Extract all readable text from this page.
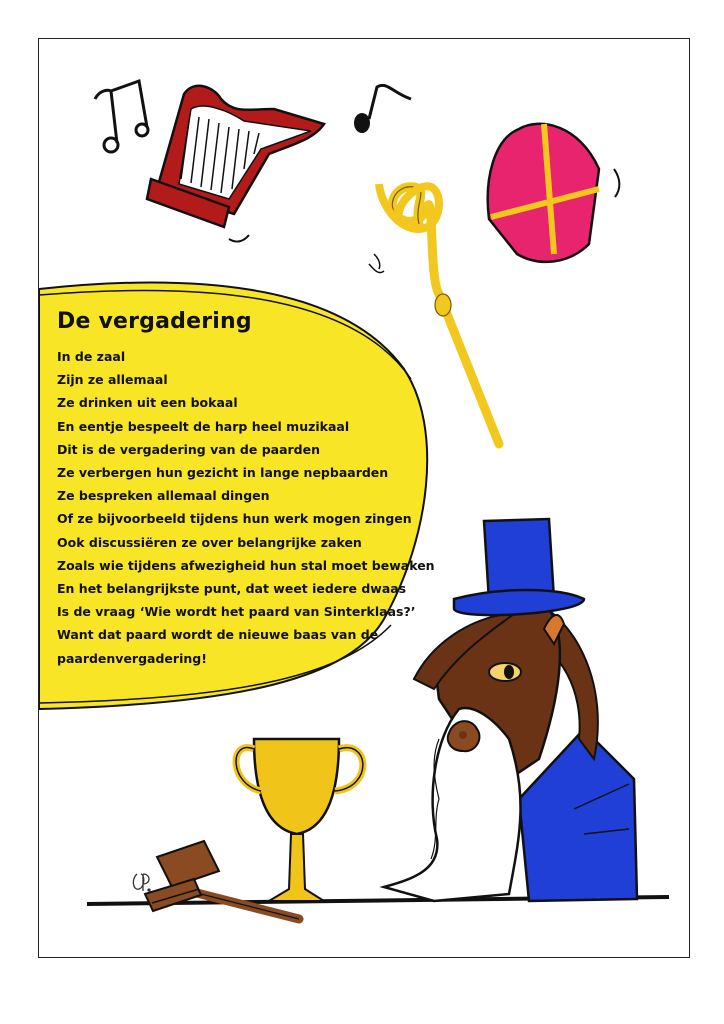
De vergadering
In de zaal
Zijn ze allemaal
Ze drinken uit een bokaal
En eentje bespeelt de harp heel muzikaal
Dit is de vergadering van de paarden
Ze verbergen hun gezicht in lange nepbaarden
Ze bespreken allemaal dingen
Of ze bijvoorbeeld tijdens hun werk mogen zingen
Ook discussiëren ze over belangrijke zaken
Zoals wie tijdens afwezigheid hun stal moet bewaken
En het belangrijkste punt, dat weet iedere dwaas
Is de vraag ‘Wie wordt het paard van Sinterklaas?’
Want dat paard wordt de nieuwe baas van de
paardenvergadering!
